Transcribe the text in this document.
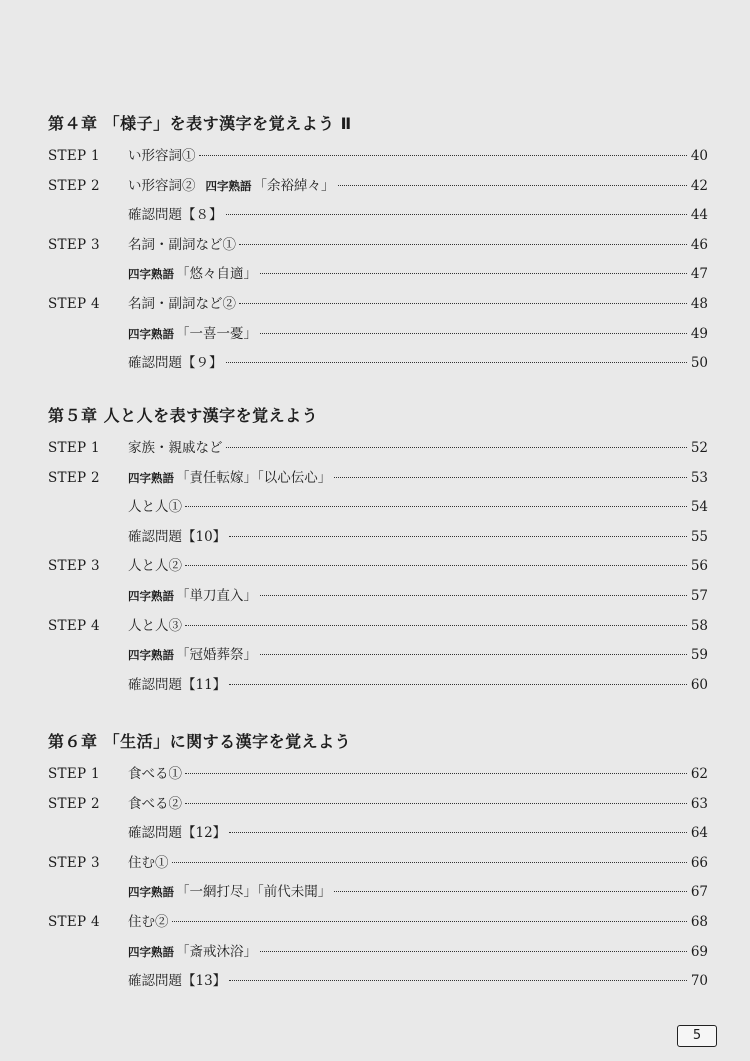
第４章 「様子」を表す漢字を覚えよう Ⅱ
STEP 1	い形容詞①	40
STEP 2	い形容詞② 四字熟語 「余裕綽々」	42
確認問題【８】	44
STEP 3	名詞・副詞など①	46
四字熟語 「悠々自適」	47
STEP 4	名詞・副詞など②	48
四字熟語 「一喜一憂」	49
確認問題【９】	50
第５章 人と人を表す漢字を覚えよう
STEP 1	家族・親戚など	52
STEP 2	四字熟語 「責任転嫁」「以心伝心」	53
人と人①	54
確認問題【10】	55
STEP 3	人と人②	56
四字熟語 「単刀直入」	57
STEP 4	人と人③	58
四字熟語 「冠婚葬祭」	59
確認問題【11】	60
第６章 「生活」に関する漢字を覚えよう
STEP 1	食べる①	62
STEP 2	食べる②	63
確認問題【12】	64
STEP 3	住む①	66
四字熟語 「一網打尽」「前代未聞」	67
STEP 4	住む②	68
四字熟語 「斎戒沐浴」	69
確認問題【13】	70
5
